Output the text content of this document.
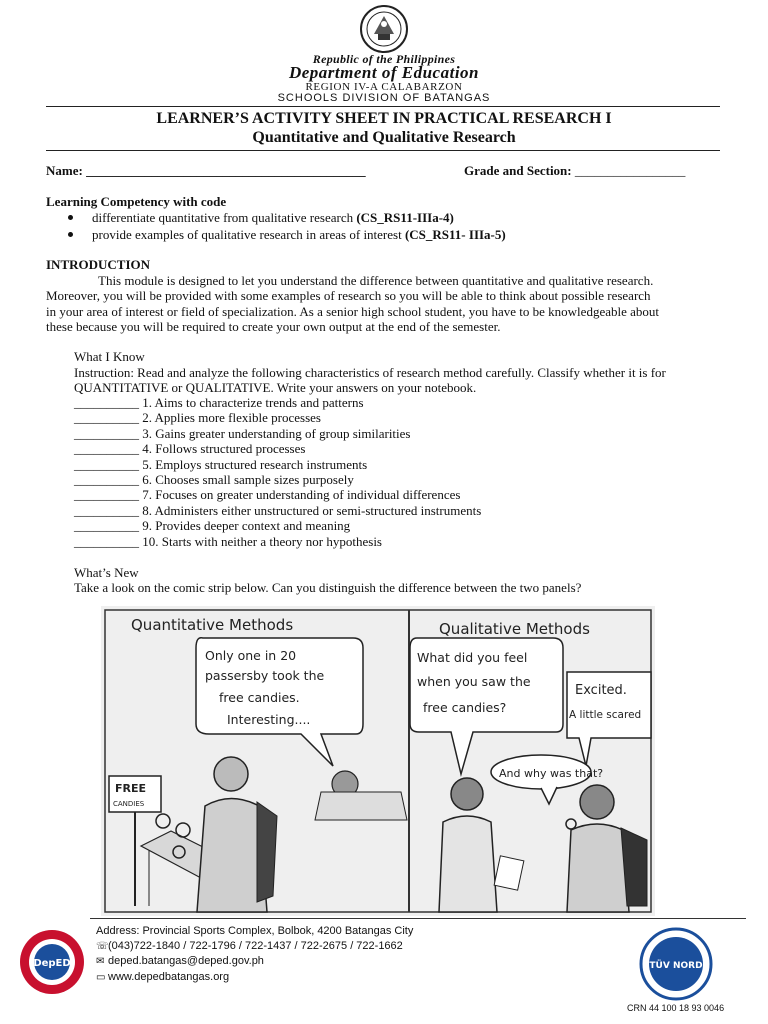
Republic of the Philippines
Department of Education
REGION IV-A CALABARZON
SCHOOLS DIVISION OF BATANGAS
LEARNER’S ACTIVITY SHEET IN PRACTICAL RESEARCH I
Quantitative and Qualitative Research
Name: ___________________________________________	Grade and Section: _________________
Learning Competency with code
differentiate quantitative from qualitative research (CS_RS11-IIIa-4)
provide examples of qualitative research in areas of interest (CS_RS11- IIIa-5)
INTRODUCTION
This module is designed to let you understand the difference between quantitative and qualitative research.
Moreover, you will be provided with some examples of research so you will be able to think about possible research
in your area of interest or field of specialization. As a senior high school student, you have to be knowledgeable about
these because you will be required to create your own output at the end of the semester.
What I Know
Instruction: Read and analyze the following characteristics of research method carefully. Classify whether it is for
QUANTITATIVE or QUALITATIVE. Write your answers on your notebook.
__________ 1. Aims to characterize trends and patterns
__________ 2. Applies more flexible processes
__________ 3. Gains greater understanding of group similarities
__________ 4. Follows structured processes
__________ 5. Employs structured research instruments
__________ 6. Chooses small sample sizes purposely
__________ 7. Focuses on greater understanding of individual differences
__________ 8. Administers either unstructured or semi-structured instruments
__________ 9. Provides deeper context and meaning
__________ 10. Starts with neither a theory nor hypothesis
What’s New
Take a look on the comic strip below. Can you distinguish the difference between the two panels?
Quantitative Methods	Qualitative Methods
Only one in 20 passersby took the free candies. Interesting....
What did you feel when you saw the free candies?
Excited.
A little scared
And why was that?
FREE
CANDIES
DepED
Address: Provincial Sports Complex, Bolbok, 4200 Batangas City
☏(043)722-1840 / 722-1796 / 722-1437 / 722-2675 / 722-1662
✉ deped.batangas@deped.gov.ph
▭ www.depedbatangas.org
TÜV NORD
CRN 44 100 18 93 0046
